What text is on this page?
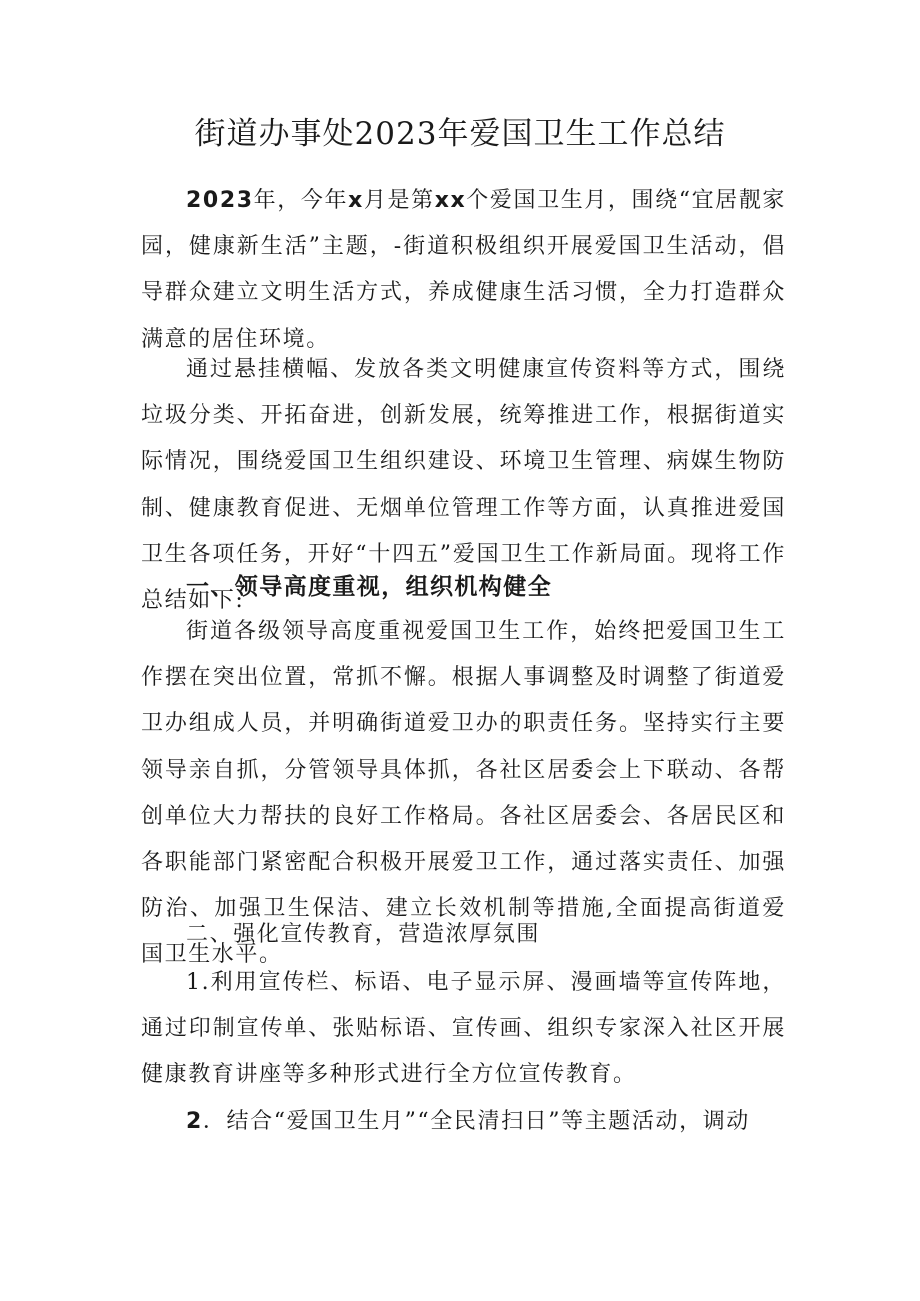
街道办事处2023年爱国卫生工作总结

2023年，今年x月是第xx个爱国卫生月，围绕“宜居靓家园，健康新生活”主题，-街道积极组织开展爱国卫生活动，倡导群众建立文明生活方式，养成健康生活习惯，全力打造群众满意的居住环境。

通过悬挂横幅、发放各类文明健康宣传资料等方式，围绕垃圾分类、开拓奋进，创新发展，统筹推进工作，根据街道实际情况，围绕爱国卫生组织建设、环境卫生管理、病媒生物防制、健康教育促进、无烟单位管理工作等方面，认真推进爱国卫生各项任务，开好“十四五”爱国卫生工作新局面。现将工作总结如下:

一、领导高度重视，组织机构健全

街道各级领导高度重视爱国卫生工作，始终把爱国卫生工作摆在突出位置，常抓不懈。根据人事调整及时调整了街道爱卫办组成人员，并明确街道爱卫办的职责任务。坚持实行主要领导亲自抓，分管领导具体抓，各社区居委会上下联动、各帮创单位大力帮扶的良好工作格局。各社区居委会、各居民区和各职能部门紧密配合积极开展爱卫工作，通过落实责任、加强防治、加强卫生保洁、建立长效机制等措施,全面提高街道爱国卫生水平。

二、强化宣传教育，营造浓厚氛围

1.利用宣传栏、标语、电子显示屏、漫画墙等宣传阵地，通过印制宣传单、张贴标语、宣传画、组织专家深入社区开展健康教育讲座等多种形式进行全方位宣传教育。

2．结合“爱国卫生月”“全民清扫日”等主题活动，调动
